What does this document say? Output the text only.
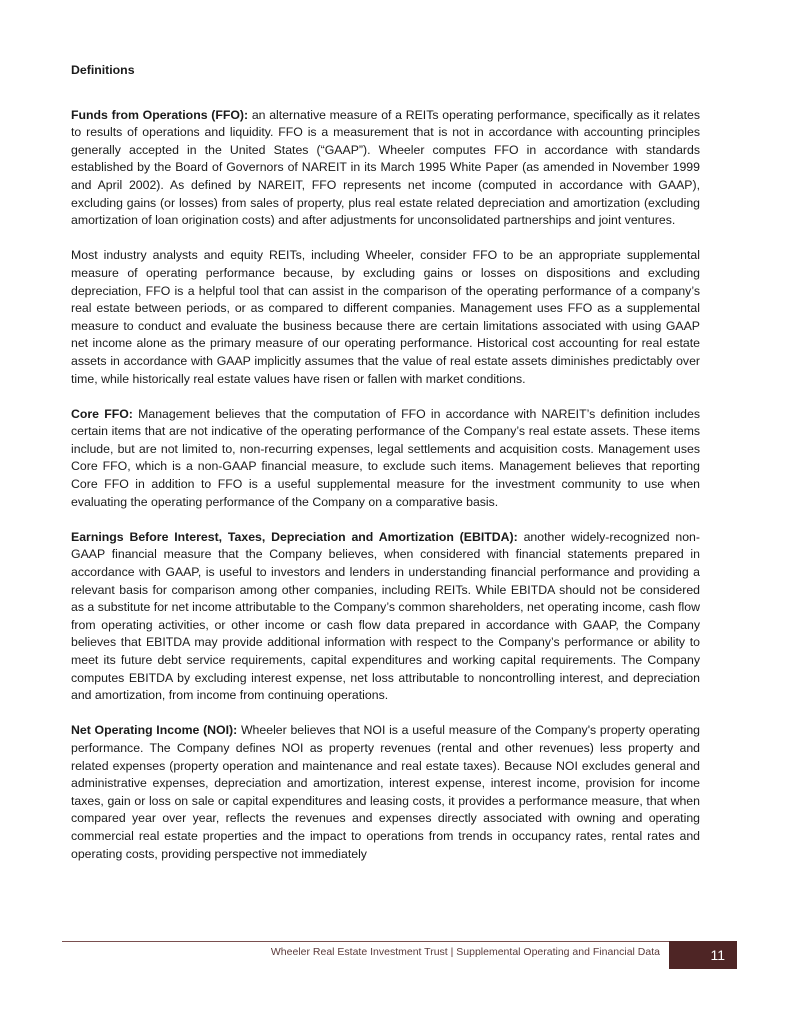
Definitions

Funds from Operations (FFO): an alternative measure of a REITs operating performance, specifically as it relates to results of operations and liquidity. FFO is a measurement that is not in accordance with accounting principles generally accepted in the United States (“GAAP”). Wheeler computes FFO in accordance with standards established by the Board of Governors of NAREIT in its March 1995 White Paper (as amended in November 1999 and April 2002). As defined by NAREIT, FFO represents net income (computed in accordance with GAAP), excluding gains (or losses) from sales of property, plus real estate related depreciation and amortization (excluding amortization of loan origination costs) and after adjustments for unconsolidated partnerships and joint ventures.

Most industry analysts and equity REITs, including Wheeler, consider FFO to be an appropriate supplemental measure of operating performance because, by excluding gains or losses on dispositions and excluding depreciation, FFO is a helpful tool that can assist in the comparison of the operating performance of a company’s real estate between periods, or as compared to different companies. Management uses FFO as a supplemental measure to conduct and evaluate the business because there are certain limitations associated with using GAAP net income alone as the primary measure of our operating performance. Historical cost accounting for real estate assets in accordance with GAAP implicitly assumes that the value of real estate assets diminishes predictably over time, while historically real estate values have risen or fallen with market conditions.

Core FFO: Management believes that the computation of FFO in accordance with NAREIT’s definition includes certain items that are not indicative of the operating performance of the Company’s real estate assets. These items include, but are not limited to, non-recurring expenses, legal settlements and acquisition costs. Management uses Core FFO, which is a non-GAAP financial measure, to exclude such items. Management believes that reporting Core FFO in addition to FFO is a useful supplemental measure for the investment community to use when evaluating the operating performance of the Company on a comparative basis.

Earnings Before Interest, Taxes, Depreciation and Amortization (EBITDA): another widely-recognized non-GAAP financial measure that the Company believes, when considered with financial statements prepared in accordance with GAAP, is useful to investors and lenders in understanding financial performance and providing a relevant basis for comparison among other companies, including REITs. While EBITDA should not be considered as a substitute for net income attributable to the Company’s common shareholders, net operating income, cash flow from operating activities, or other income or cash flow data prepared in accordance with GAAP, the Company believes that EBITDA may provide additional information with respect to the Company’s performance or ability to meet its future debt service requirements, capital expenditures and working capital requirements. The Company computes EBITDA by excluding interest expense, net loss attributable to noncontrolling interest, and depreciation and amortization, from income from continuing operations.

Net Operating Income (NOI): Wheeler believes that NOI is a useful measure of the Company's property operating performance. The Company defines NOI as property revenues (rental and other revenues) less property and related expenses (property operation and maintenance and real estate taxes). Because NOI excludes general and administrative expenses, depreciation and amortization, interest expense, interest income, provision for income taxes, gain or loss on sale or capital expenditures and leasing costs, it provides a performance measure, that when compared year over year, reflects the revenues and expenses directly associated with owning and operating commercial real estate properties and the impact to operations from trends in occupancy rates, rental rates and operating costs, providing perspective not immediately

Wheeler Real Estate Investment Trust | Supplemental Operating and Financial Data	11
